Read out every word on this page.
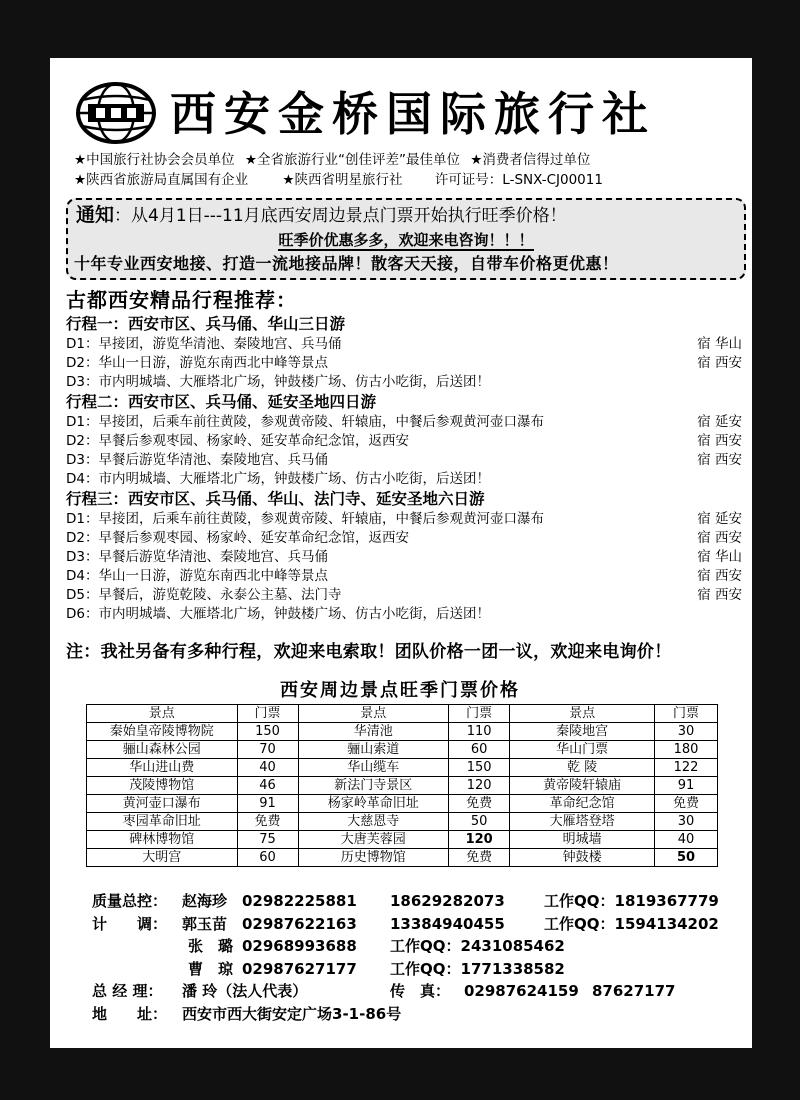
西安金桥国际旅行社
★中国旅行社协会会员单位 ★全省旅游行业“创佳评差”最佳单位 ★消费者信得过单位
★陕西省旅游局直属国有企业	★陕西省明星旅行社 许可证号：L-SNX-CJ00011
通知：从4月1日---11月底西安周边景点门票开始执行旺季价格！
旺季价优惠多多，欢迎来电咨询！！！
十年专业西安地接、打造一流地接品牌！散客天天接，自带车价格更优惠！
古都西安精品行程推荐：
行程一：西安市区、兵马俑、华山三日游
D1：早接团，游览华清池、秦陵地宫、兵马俑	宿 华山
D2：华山一日游，游览东南西北中峰等景点	宿 西安
D3：市内明城墙、大雁塔北广场，钟鼓楼广场、仿古小吃街，后送团！
行程二：西安市区、兵马俑、延安圣地四日游
D1：早接团，后乘车前往黄陵，参观黄帝陵、轩辕庙，中餐后参观黄河壶口瀑布	宿 延安
D2：早餐后参观枣园、杨家岭、延安革命纪念馆，返西安	宿 西安
D3：早餐后游览华清池、秦陵地宫、兵马俑	宿 西安
D4：市内明城墙、大雁塔北广场，钟鼓楼广场、仿古小吃街，后送团！
行程三：西安市区、兵马俑、华山、法门寺、延安圣地六日游
D1：早接团，后乘车前往黄陵，参观黄帝陵、轩辕庙，中餐后参观黄河壶口瀑布	宿 延安
D2：早餐后参观枣园、杨家岭、延安革命纪念馆，返西安	宿 西安
D3：早餐后游览华清池、秦陵地宫、兵马俑	宿 华山
D4：华山一日游，游览东南西北中峰等景点	宿 西安
D5：早餐后，游览乾陵、永泰公主墓、法门寺	宿 西安
D6：市内明城墙、大雁塔北广场，钟鼓楼广场、仿古小吃街，后送团！
注：我社另备有多种行程，欢迎来电索取！团队价格一团一议，欢迎来电询价！
西安周边景点旺季门票价格
景点	门票	景点	门票	景点	门票
秦始皇帝陵博物院	150	华清池	110	秦陵地宫	30
骊山森林公园	70	骊山索道	60	华山门票	180
华山进山费	40	华山缆车	150	乾 陵	122
茂陵博物馆	46	新法门寺景区	120	黄帝陵轩辕庙	91
黄河壶口瀑布	91	杨家岭革命旧址	免费	革命纪念馆	免费
枣园革命旧址	免费	大慈恩寺	50	大雁塔登塔	30
碑林博物馆	75	大唐芙蓉园	120	明城墙	40
大明宫	60	历史博物馆	免费	钟鼓楼	50
质量总控： 赵海珍 02982225881 18629282073	工作QQ：1819367779
计　　调： 郭玉苗 02987622163 13384940455	工作QQ：1594134202
张　璐 02968993688 工作QQ：2431085462
曹　琼 02987627177 工作QQ：1771338582
总 经 理： 潘 玲（法人代表）	传　真： 02987624159 87627177
地　　址： 西安市西大街安定广场3-1-86号
